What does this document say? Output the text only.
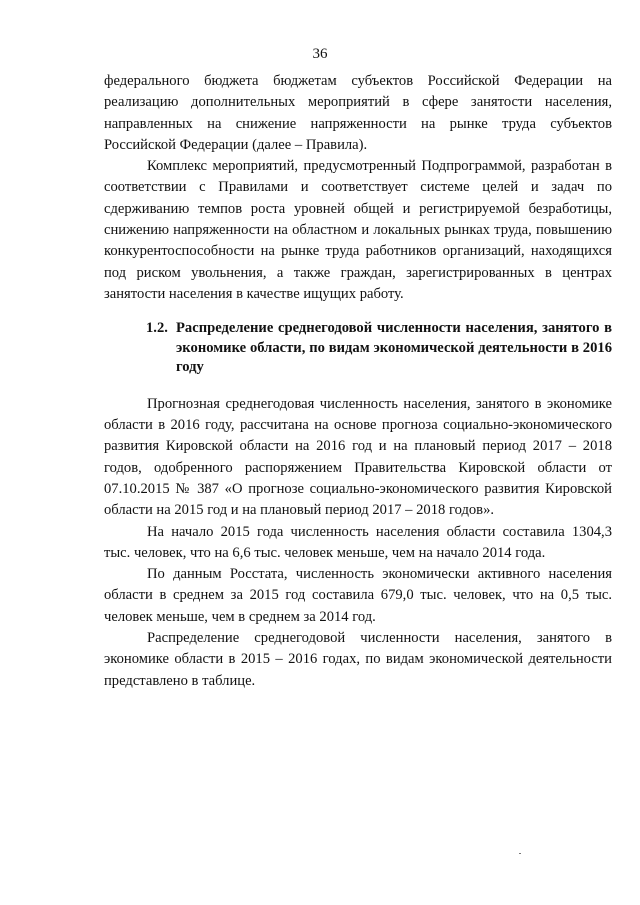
36

федерального бюджета бюджетам субъектов Российской Федерации на реализацию дополнительных мероприятий в сфере занятости населения, направленных на снижение напряженности на рынке труда субъектов Российской Федерации (далее – Правила).

Комплекс мероприятий, предусмотренный Подпрограммой, разработан в соответствии с Правилами и соответствует системе целей и задач по сдерживанию темпов роста уровней общей и регистрируемой безработицы, снижению напряженности на областном и локальных рынках труда, повышению конкурентоспособности на рынке труда работников организаций, находящихся под риском увольнения, а также граждан, зарегистрированных в центрах занятости населения в качестве ищущих работу.

1.2. Распределение среднегодовой численности населения, занятого в экономике области, по видам экономической деятельности в 2016 году

Прогнозная среднегодовая численность населения, занятого в экономике области в 2016 году, рассчитана на основе прогноза социально-экономического развития Кировской области на 2016 год и на плановый период 2017 – 2018 годов, одобренного распоряжением Правительства Кировской области от 07.10.2015 № 387 «О прогнозе социально-экономического развития Кировской области на 2015 год и на плановый период 2017 – 2018 годов».

На начало 2015 года численность населения области составила 1304,3 тыс. человек, что на 6,6 тыс. человек меньше, чем на начало 2014 года.

По данным Росстата, численность экономически активного населения области в среднем за 2015 год составила 679,0 тыс. человек, что на 0,5 тыс. человек меньше, чем в среднем за 2014 год.

Распределение среднегодовой численности населения, занятого в экономике области в 2015 – 2016 годах, по видам экономической деятельности представлено в таблице.
